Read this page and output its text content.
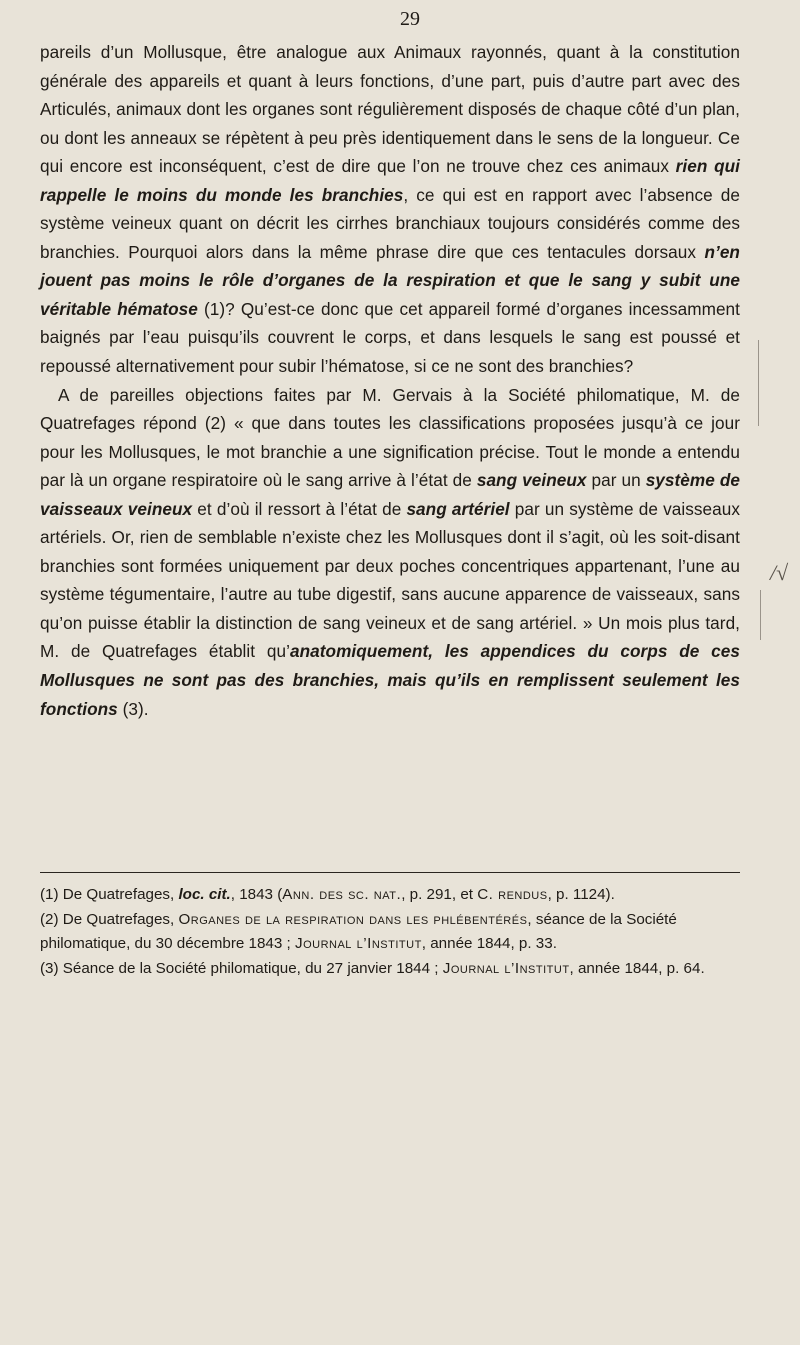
29

pareils d’un Mollusque, être analogue aux Animaux rayonnés, quant à la constitution générale des appareils et quant à leurs fonctions, d’une part, puis d’autre part avec des Articulés, animaux dont les organes sont régulièrement disposés de chaque côté d’un plan, ou dont les anneaux se répètent à peu près identiquement dans le sens de la longueur. Ce qui encore est inconséquent, c’est de dire que l’on ne trouve chez ces animaux rien qui rappelle le moins du monde les branchies, ce qui est en rapport avec l’absence de système veineux quant on décrit les cirrhes branchiaux toujours considérés comme des branchies. Pourquoi alors dans la même phrase dire que ces tentacules dorsaux n’en jouent pas moins le rôle d’organes de la respiration et que le sang y subit une véritable hématose (1)? Qu’est-ce donc que cet appareil formé d’organes incessamment baignés par l’eau puisqu’ils couvrent le corps, et dans lesquels le sang est poussé et repoussé alternativement pour subir l’hématose, si ce ne sont des branchies?

A de pareilles objections faites par M. Gervais à la Société philomatique, M. de Quatrefages répond (2) « que dans toutes les classifications proposées jusqu’à ce jour pour les Mollusques, le mot branchie a une signification précise. Tout le monde a entendu par là un organe respiratoire où le sang arrive à l’état de sang veineux par un système de vaisseaux veineux et d’où il ressort à l’état de sang artériel par un système de vaisseaux artériels. Or, rien de semblable n’existe chez les Mollusques dont il s’agit, où les soit-disant branchies sont formées uniquement par deux poches concentriques appartenant, l’une au système tégumentaire, l’autre au tube digestif, sans aucune apparence de vaisseaux, sans qu’on puisse établir la distinction de sang veineux et de sang artériel. » Un mois plus tard, M. de Quatrefages établit qu’anatomiquement, les appendices du corps de ces Mollusques ne sont pas des branchies, mais qu’ils en remplissent seulement les fonctions (3).

(1) De Quatrefages, loc. cit., 1843 (Ann. des sc. nat., p. 291, et C. rendus, p. 1124).

(2) De Quatrefages, Organes de la respiration dans les phlébentérés, séance de la Société philomatique, du 30 décembre 1843 ; Journal l’Institut, année 1844, p. 33.

(3) Séance de la Société philomatique, du 27 janvier 1844 ; Journal l’Institut, année 1844, p. 64.

/√
